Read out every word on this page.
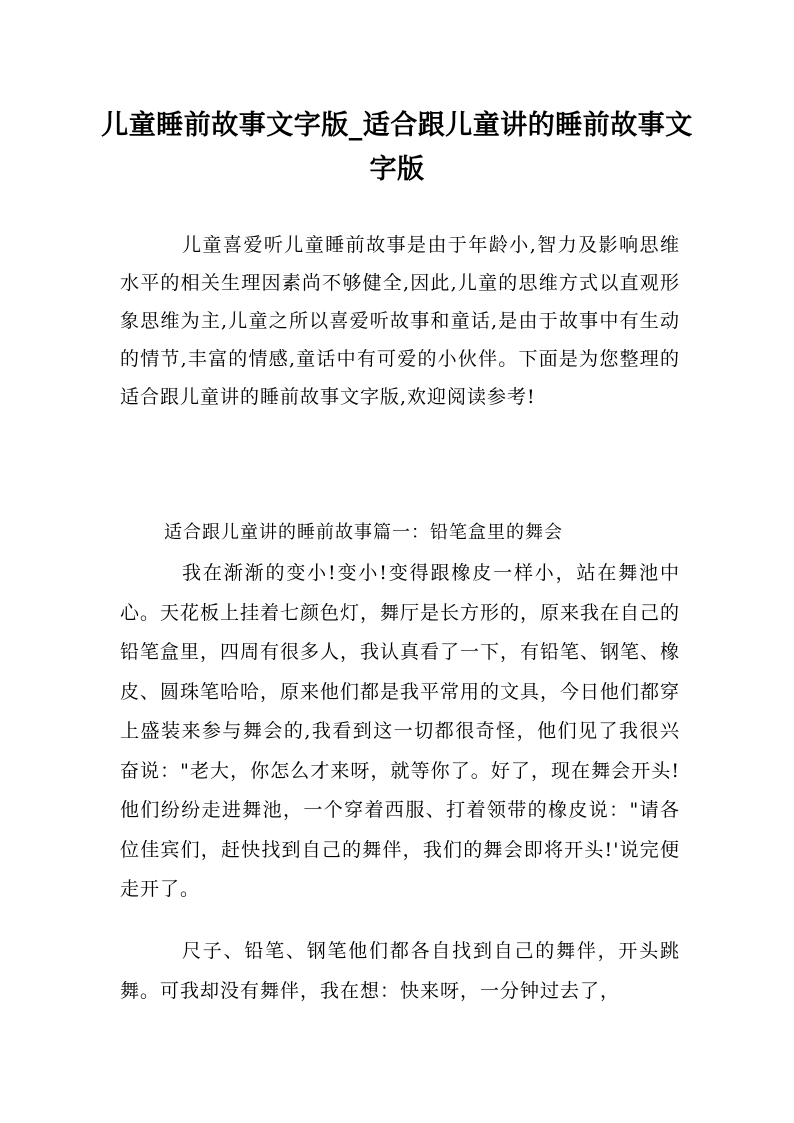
儿童睡前故事文字版_适合跟儿童讲的睡前故事文字版

儿童喜爱听儿童睡前故事是由于年龄小,智力及影响思维水平的相关生理因素尚不够健全,因此,儿童的思维方式以直观形象思维为主,儿童之所以喜爱听故事和童话,是由于故事中有生动的情节,丰富的情感,童话中有可爱的小伙伴。下面是为您整理的适合跟儿童讲的睡前故事文字版,欢迎阅读参考!

适合跟儿童讲的睡前故事篇一：铅笔盒里的舞会

我在渐渐的变小!变小!变得跟橡皮一样小，站在舞池中心。天花板上挂着七颜色灯，舞厅是长方形的，原来我在自己的铅笔盒里，四周有很多人，我认真看了一下，有铅笔、钢笔、橡皮、圆珠笔哈哈，原来他们都是我平常用的文具，今日他们都穿上盛装来参与舞会的,我看到这一切都很奇怪，他们见了我很兴奋说："老大，你怎么才来呀，就等你了。好了，现在舞会开头!他们纷纷走进舞池，一个穿着西服、打着领带的橡皮说："请各位佳宾们，赶快找到自己的舞伴，我们的舞会即将开头!'说完便走开了。

尺子、铅笔、钢笔他们都各自找到自己的舞伴，开头跳舞。可我却没有舞伴，我在想：快来呀，一分钟过去了，
